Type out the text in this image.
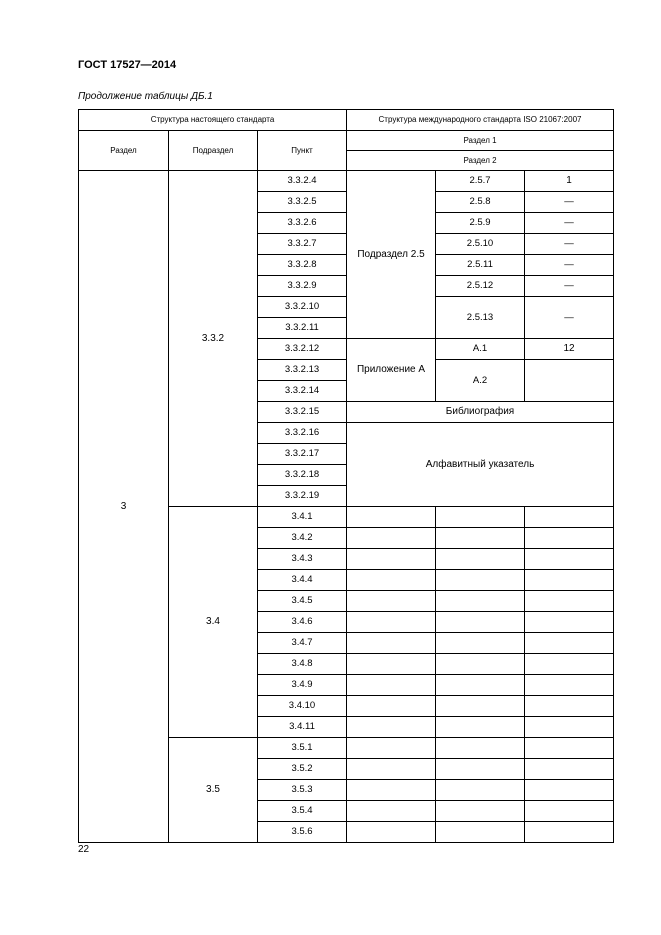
ГОСТ 17527—2014
Продолжение таблицы ДБ.1
Структура настоящего стандарта			Структура международного стандарта ISO 21067:2007		
Раздел	Подраздел	Пункт	Раздел 1		
			Раздел 2		
3	3.3.2	3.3.2.4	Подраздел 2.5	2.5.7	1
		3.3.2.5		2.5.8	—
		3.3.2.6		2.5.9	—
		3.3.2.7		2.5.10	—
		3.3.2.8		2.5.11	—
		3.3.2.9		2.5.12	—
		3.3.2.10		2.5.13	—
		3.3.2.11			
		3.3.2.12	Приложение А	А.1	12
		3.3.2.13		А.2	
		3.3.2.14			
		3.3.2.15	Библиография		
		3.3.2.16	Алфавитный указатель		
		3.3.2.17			
		3.3.2.18			
		3.3.2.19			
	3.4	3.4.1			
		3.4.2			
		3.4.3			
		3.4.4			
		3.4.5			
		3.4.6			
		3.4.7			
		3.4.8			
		3.4.9			
		3.4.10			
		3.4.11			
	3.5	3.5.1			
		3.5.2			
		3.5.3			
		3.5.4			
		3.5.6			
22
